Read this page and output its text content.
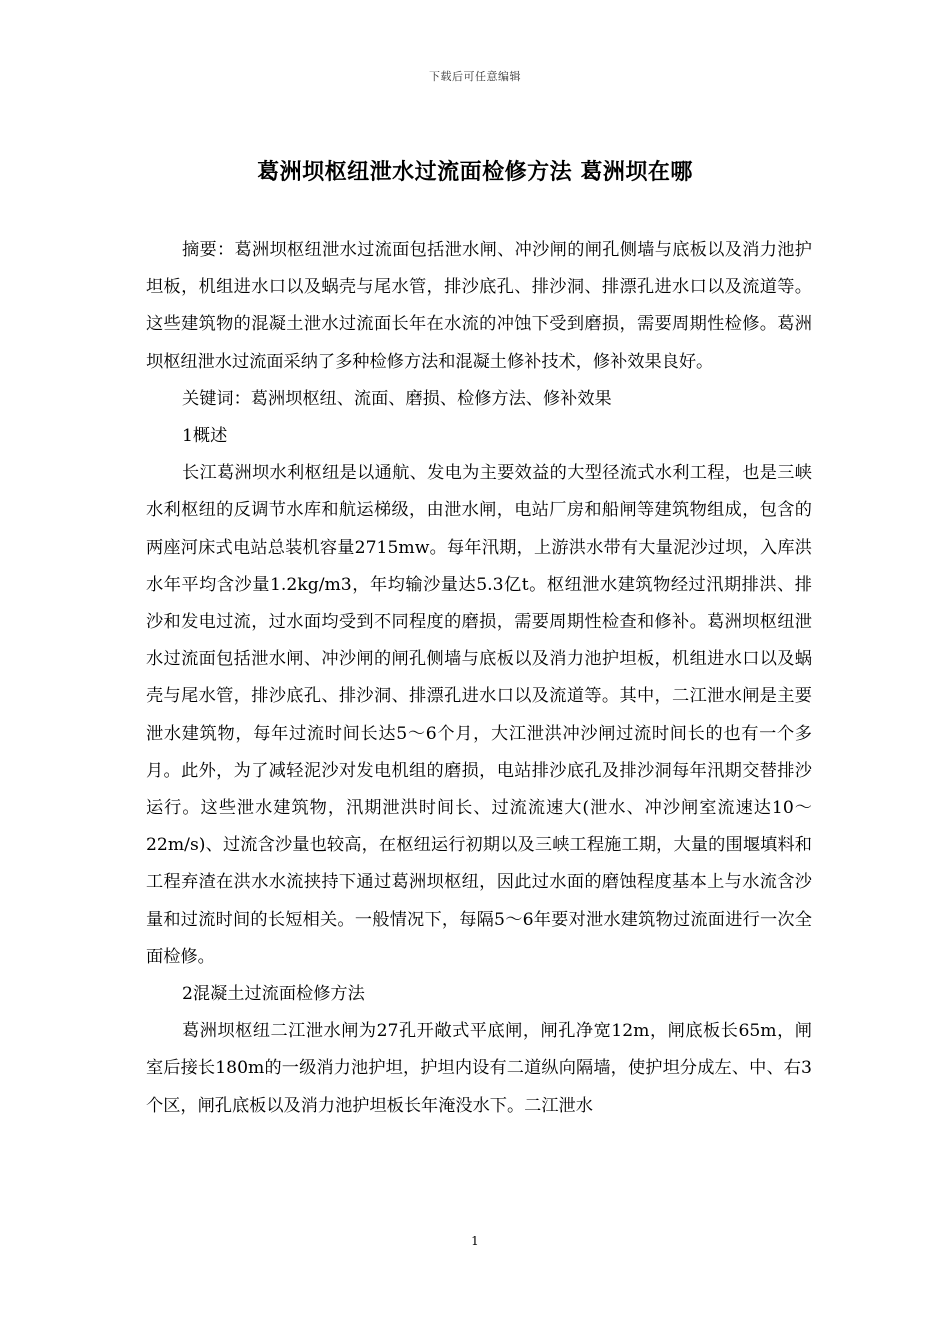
下载后可任意编辑
葛洲坝枢纽泄水过流面检修方法 葛洲坝在哪

摘要：葛洲坝枢纽泄水过流面包括泄水闸、冲沙闸的闸孔侧墙与底板以及消力池护坦板，机组进水口以及蜗壳与尾水管，排沙底孔、排沙洞、排漂孔进水口以及流道等。这些建筑物的混凝土泄水过流面长年在水流的冲蚀下受到磨损，需要周期性检修。葛洲坝枢纽泄水过流面采纳了多种检修方法和混凝土修补技术，修补效果良好。

关键词：葛洲坝枢纽、流面、磨损、检修方法、修补效果

1概述

长江葛洲坝水利枢纽是以通航、发电为主要效益的大型径流式水利工程，也是三峡水利枢纽的反调节水库和航运梯级，由泄水闸，电站厂房和船闸等建筑物组成，包含的两座河床式电站总装机容量2715mw。每年汛期，上游洪水带有大量泥沙过坝，入库洪水年平均含沙量1.2kg/m3，年均输沙量达5.3亿t。枢纽泄水建筑物经过汛期排洪、排沙和发电过流，过水面均受到不同程度的磨损，需要周期性检查和修补。葛洲坝枢纽泄水过流面包括泄水闸、冲沙闸的闸孔侧墙与底板以及消力池护坦板，机组进水口以及蜗壳与尾水管，排沙底孔、排沙洞、排漂孔进水口以及流道等。其中，二江泄水闸是主要泄水建筑物，每年过流时间长达5～6个月，大江泄洪冲沙闸过流时间长的也有一个多月。此外，为了减轻泥沙对发电机组的磨损，电站排沙底孔及排沙洞每年汛期交替排沙运行。这些泄水建筑物，汛期泄洪时间长、过流流速大(泄水、冲沙闸室流速达10～22m/s)、过流含沙量也较高，在枢纽运行初期以及三峡工程施工期，大量的围堰填料和工程弃渣在洪水水流挟持下通过葛洲坝枢纽，因此过水面的磨蚀程度基本上与水流含沙量和过流时间的长短相关。一般情况下，每隔5～6年要对泄水建筑物过流面进行一次全面检修。

2混凝土过流面检修方法

葛洲坝枢纽二江泄水闸为27孔开敞式平底闸，闸孔净宽12m，闸底板长65m，闸室后接长180m的一级消力池护坦，护坦内设有二道纵向隔墙，使护坦分成左、中、右3个区，闸孔底板以及消力池护坦板长年淹没水下。二江泄水

1
